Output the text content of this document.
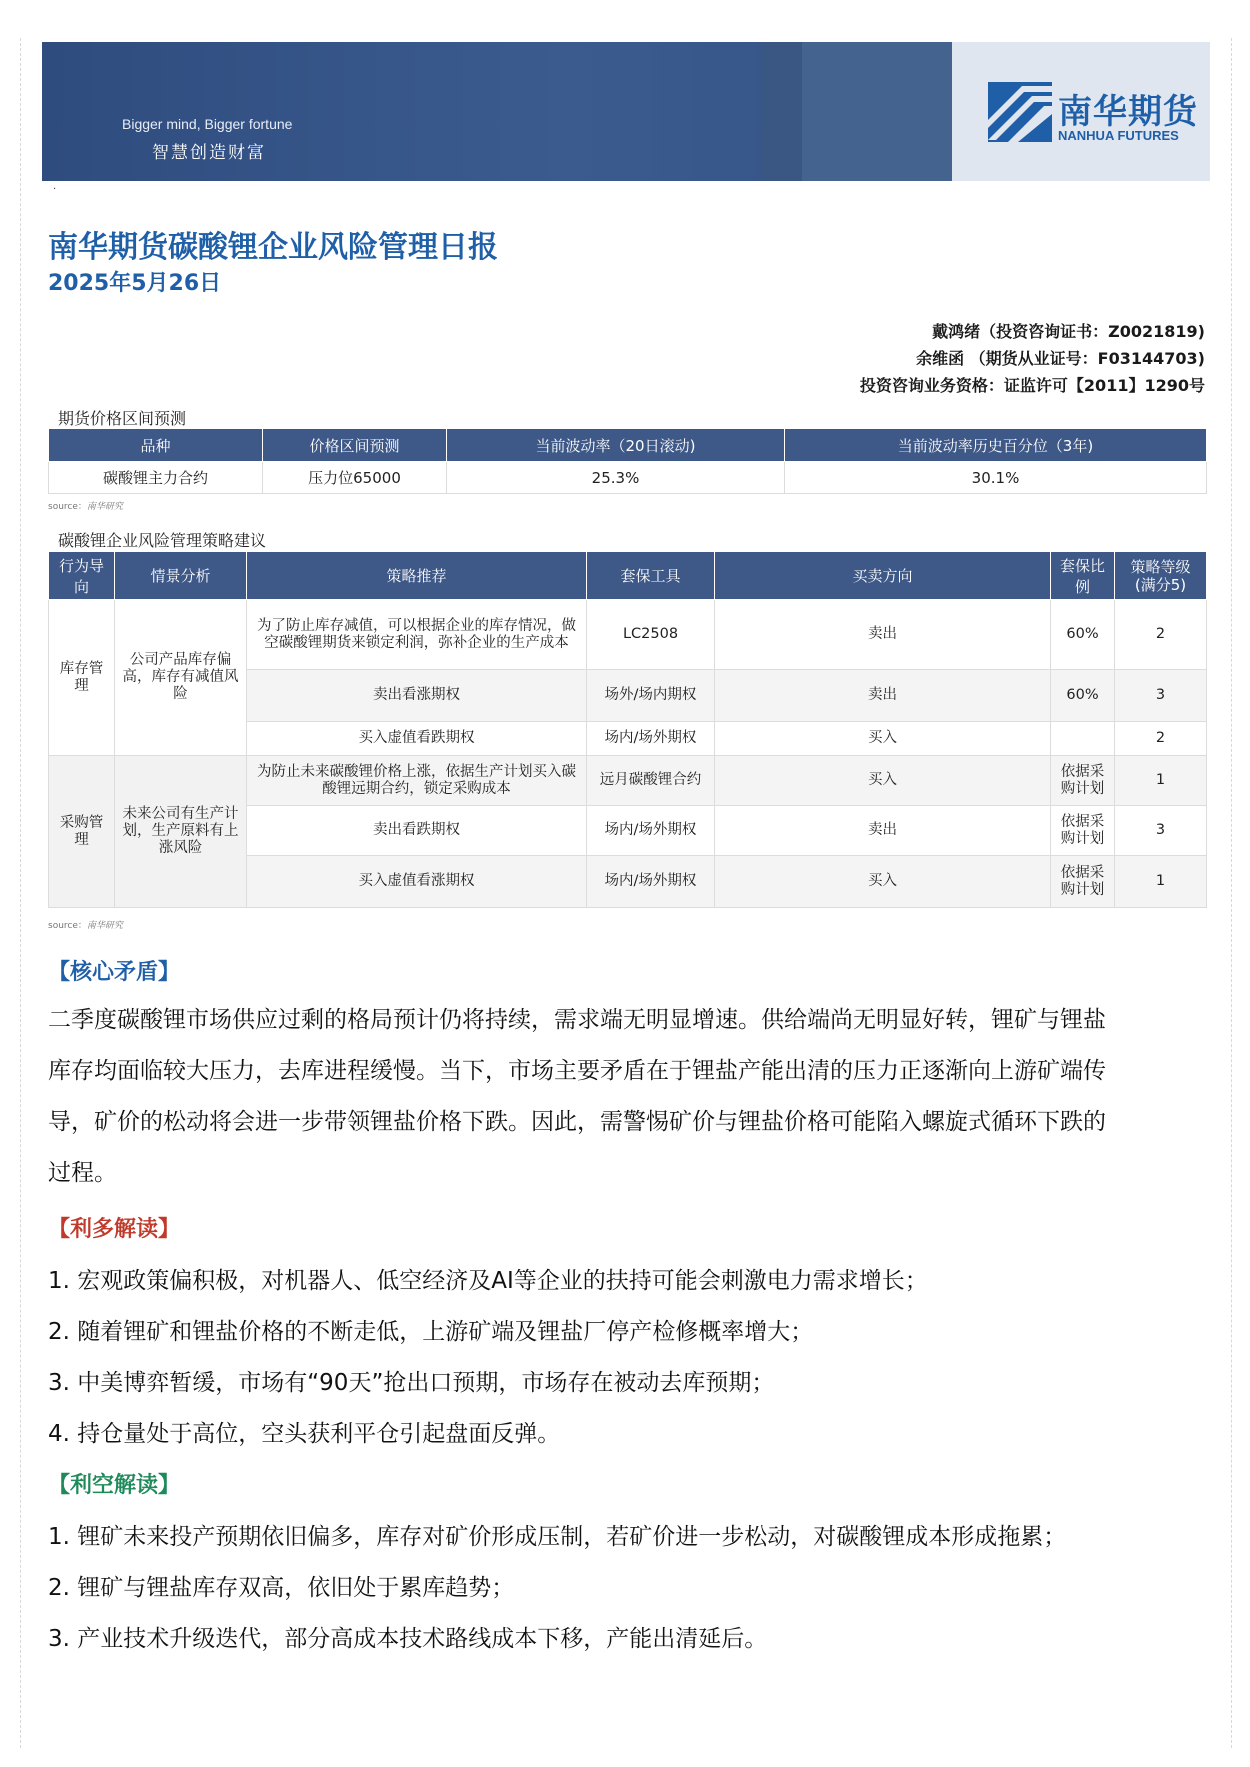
Bigger mind, Bigger fortune
智慧创造财富
南华期货
NANHUA FUTURES
·
南华期货碳酸锂企业风险管理日报
2025年5月26日
戴鸿绪（投资咨询证书：Z0021819)
余维函 （期货从业证号：F03144703)
投资咨询业务资格：证监许可【2011】1290号
期货价格区间预测
品种	价格区间预测	当前波动率（20日滚动)	当前波动率历史百分位（3年)
碳酸锂主力合约	压力位65000	25.3%	30.1%
source：南华研究
碳酸锂企业风险管理策略建议
行为导向	情景分析	策略推荐	套保工具	买卖方向	套保比例	策略等级
(满分5)
库存管理	公司产品库存偏高，库存有减值风险	为了防止库存减值，可以根据企业的库存情况，做空碳酸锂期货来锁定利润，弥补企业的生产成本	LC2508	卖出	60%	2
		卖出看涨期权	场外/场内期权	卖出	60%	3
		买入虚值看跌期权	场内/场外期权	买入		2
采购管理	未来公司有生产计划，生产原料有上涨风险	为防止未来碳酸锂价格上涨，依据生产计划买入碳酸锂远期合约，锁定采购成本	远月碳酸锂合约	买入	依据采购计划	1
		卖出看跌期权	场内/场外期权	卖出	依据采购计划	3
		买入虚值看涨期权	场内/场外期权	买入	依据采购计划	1
source：南华研究
【核心矛盾】
二季度碳酸锂市场供应过剩的格局预计仍将持续，需求端无明显增速。供给端尚无明显好转，锂矿与锂盐
库存均面临较大压力，去库进程缓慢。当下，市场主要矛盾在于锂盐产能出清的压力正逐渐向上游矿端传
导，矿价的松动将会进一步带领锂盐价格下跌。因此，需警惕矿价与锂盐价格可能陷入螺旋式循环下跌的
过程。
【利多解读】
1. 宏观政策偏积极，对机器人、低空经济及AI等企业的扶持可能会刺激电力需求增长；
2. 随着锂矿和锂盐价格的不断走低，上游矿端及锂盐厂停产检修概率增大；
3. 中美博弈暂缓，市场有“90天”抢出口预期，市场存在被动去库预期；
4. 持仓量处于高位，空头获利平仓引起盘面反弹。
【利空解读】
1. 锂矿未来投产预期依旧偏多，库存对矿价形成压制，若矿价进一步松动，对碳酸锂成本形成拖累；
2. 锂矿与锂盐库存双高，依旧处于累库趋势；
3. 产业技术升级迭代，部分高成本技术路线成本下移，产能出清延后。
